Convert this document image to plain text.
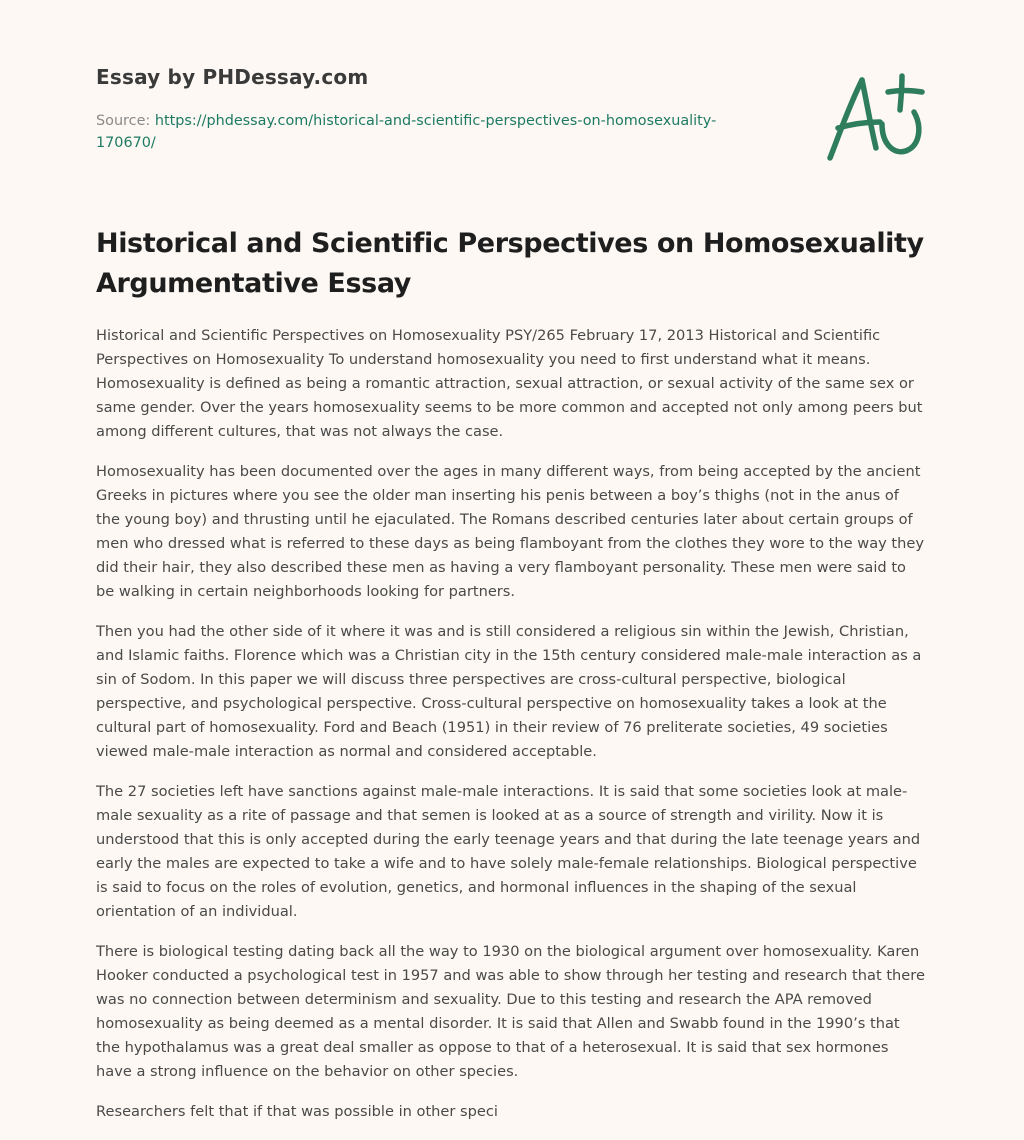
Essay by PHDessay.com
Source: https://phdessay.com/historical-and-scientific-perspectives-on-homosexuality-
170670/
Historical and Scientific Perspectives on Homosexuality Argumentative Essay

Historical and Scientific Perspectives on Homosexuality PSY/265 February 17, 2013 Historical and Scientific Perspectives on Homosexuality To understand homosexuality you need to first understand what it means. Homosexuality is defined as being a romantic attraction, sexual attraction, or sexual activity of the same sex or same gender. Over the years homosexuality seems to be more common and accepted not only among peers but among different cultures, that was not always the case.

Homosexuality has been documented over the ages in many different ways, from being accepted by the ancient Greeks in pictures where you see the older man inserting his penis between a boy’s thighs (not in the anus of the young boy) and thrusting until he ejaculated. The Romans described centuries later about certain groups of men who dressed what is referred to these days as being flamboyant from the clothes they wore to the way they did their hair, they also described these men as having a very flamboyant personality. These men were said to be walking in certain neighborhoods looking for partners.

Then you had the other side of it where it was and is still considered a religious sin within the Jewish, Christian, and Islamic faiths. Florence which was a Christian city in the 15th century considered male-male interaction as a sin of Sodom. In this paper we will discuss three perspectives are cross-cultural perspective, biological perspective, and psychological perspective. Cross-cultural perspective on homosexuality takes a look at the cultural part of homosexuality. Ford and Beach (1951) in their review of 76 preliterate societies, 49 societies viewed male-male interaction as normal and considered acceptable.

The 27 societies left have sanctions against male-male interactions. It is said that some societies look at male-male sexuality as a rite of passage and that semen is looked at as a source of strength and virility. Now it is understood that this is only accepted during the early teenage years and that during the late teenage years and early the males are expected to take a wife and to have solely male-female relationships. Biological perspective is said to focus on the roles of evolution, genetics, and hormonal influences in the shaping of the sexual orientation of an individual.

There is biological testing dating back all the way to 1930 on the biological argument over homosexuality. Karen Hooker conducted a psychological test in 1957 and was able to show through her testing and research that there was no connection between determinism and sexuality. Due to this testing and research the APA removed homosexuality as being deemed as a mental disorder. It is said that Allen and Swabb found in the 1990’s that the hypothalamus was a great deal smaller as oppose to that of a heterosexual. It is said that sex hormones have a strong influence on the behavior on other species.

Researchers felt that if that was possible in other speci
